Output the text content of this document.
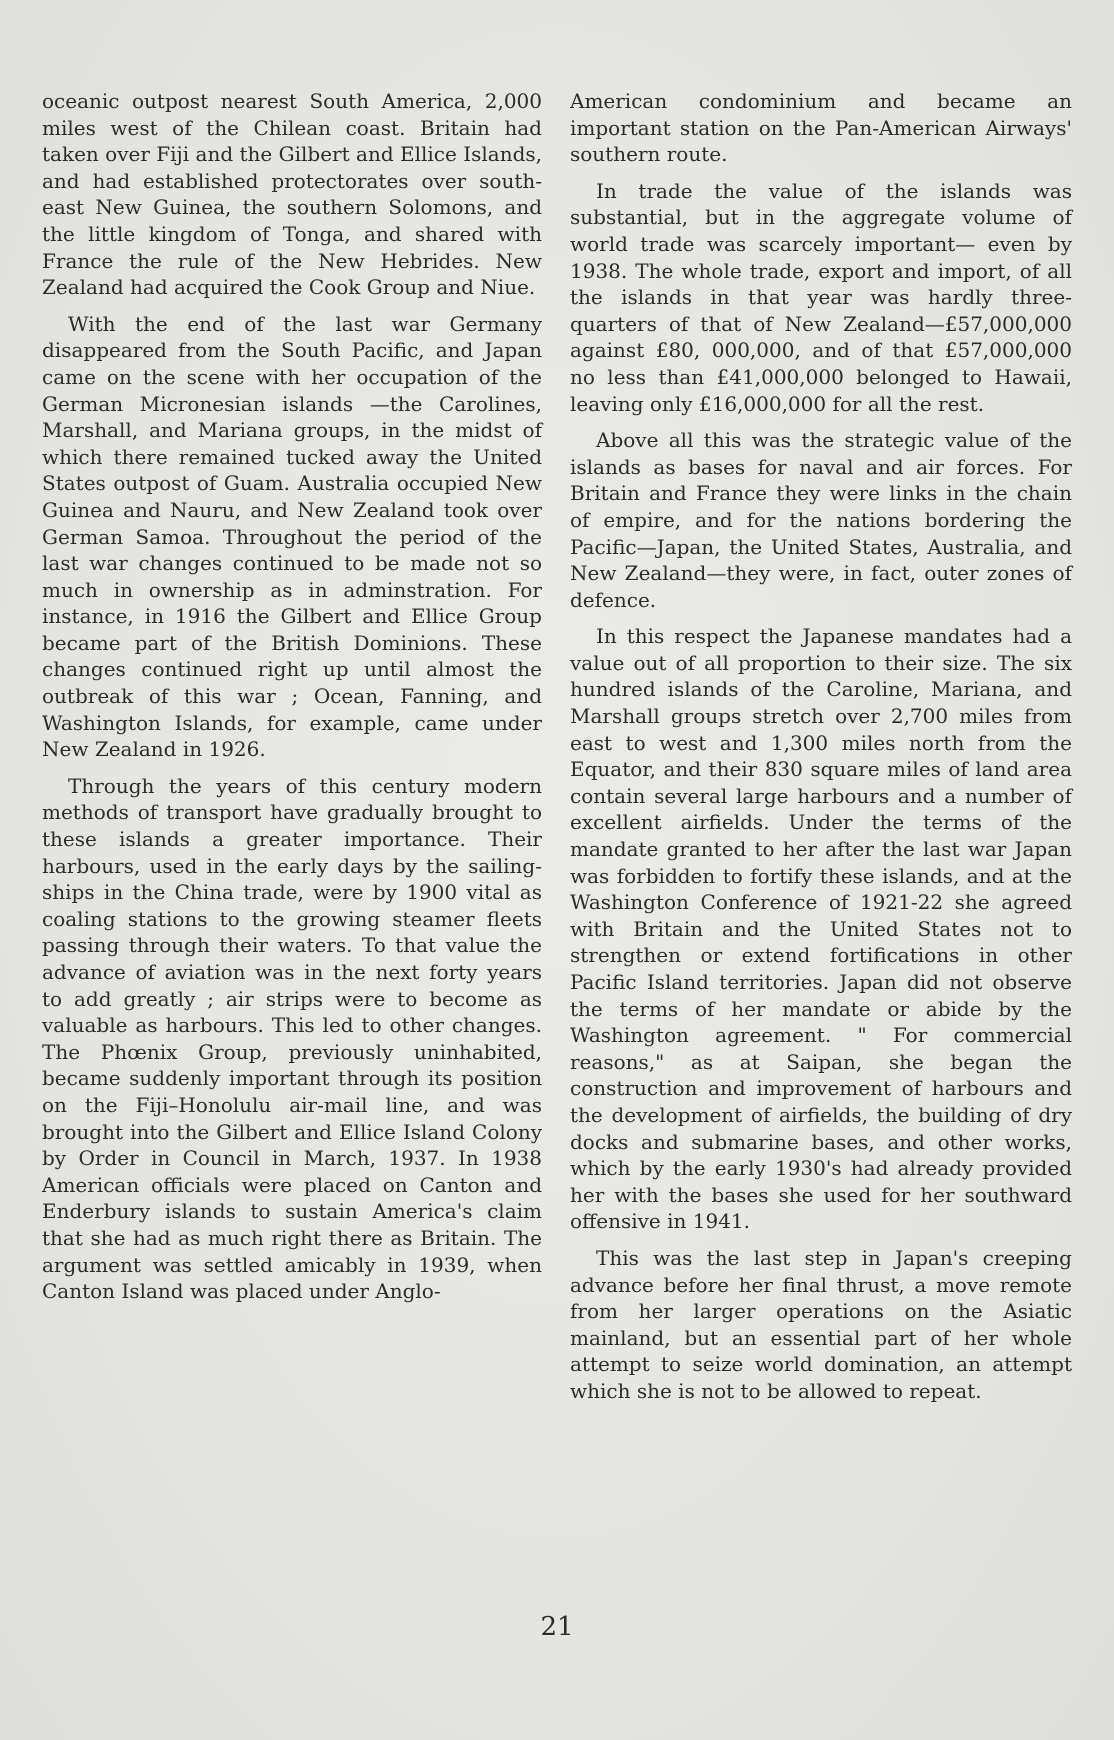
oceanic outpost nearest South America, 2,000 miles west of the Chilean coast. Britain had taken over Fiji and the Gilbert and Ellice Islands, and had established protectorates over south-east New Guinea, the southern Solomons, and the little kingdom of Tonga, and shared with France the rule of the New Hebrides. New Zealand had acquired the Cook Group and Niue.

With the end of the last war Germany disappeared from the South Pacific, and Japan came on the scene with her occupation of the German Micronesian islands —the Carolines, Marshall, and Mariana groups, in the midst of which there remained tucked away the United States outpost of Guam. Australia occupied New Guinea and Nauru, and New Zealand took over German Samoa. Throughout the period of the last war changes continued to be made not so much in ownership as in adminstration. For instance, in 1916 the Gilbert and Ellice Group became part of the British Dominions. These changes continued right up until almost the outbreak of this war ; Ocean, Fanning, and Washington Islands, for example, came under New Zealand in 1926.

Through the years of this century modern methods of transport have gradually brought to these islands a greater importance. Their harbours, used in the early days by the sailing-ships in the China trade, were by 1900 vital as coaling stations to the growing steamer fleets passing through their waters. To that value the advance of aviation was in the next forty years to add greatly ; air strips were to become as valuable as harbours. This led to other changes. The Phœnix Group, previously uninhabited, became suddenly important through its position on the Fiji–Honolulu air-mail line, and was brought into the Gilbert and Ellice Island Colony by Order in Council in March, 1937. In 1938 American officials were placed on Canton and Enderbury islands to sustain America's claim that she had as much right there as Britain. The argument was settled amicably in 1939, when Canton Island was placed under Anglo-

American condominium and became an important station on the Pan-American Airways' southern route.

In trade the value of the islands was substantial, but in the aggregate volume of world trade was scarcely important— even by 1938. The whole trade, export and import, of all the islands in that year was hardly three-quarters of that of New Zealand—£57,000,000 against £80, 000,000, and of that £57,000,000 no less than £41,000,000 belonged to Hawaii, leaving only £16,000,000 for all the rest.

Above all this was the strategic value of the islands as bases for naval and air forces. For Britain and France they were links in the chain of empire, and for the nations bordering the Pacific—Japan, the United States, Australia, and New Zealand—they were, in fact, outer zones of defence.

In this respect the Japanese mandates had a value out of all proportion to their size. The six hundred islands of the Caroline, Mariana, and Marshall groups stretch over 2,700 miles from east to west and 1,300 miles north from the Equator, and their 830 square miles of land area contain several large harbours and a number of excellent airfields. Under the terms of the mandate granted to her after the last war Japan was forbidden to fortify these islands, and at the Washington Conference of 1921-22 she agreed with Britain and the United States not to strengthen or extend fortifications in other Pacific Island territories. Japan did not observe the terms of her mandate or abide by the Washington agreement. " For commercial reasons," as at Saipan, she began the construction and improvement of harbours and the development of airfields, the building of dry docks and submarine bases, and other works, which by the early 1930's had already provided her with the bases she used for her southward offensive in 1941.

This was the last step in Japan's creeping advance before her final thrust, a move remote from her larger operations on the Asiatic mainland, but an essential part of her whole attempt to seize world domination, an attempt which she is not to be allowed to repeat.

21
